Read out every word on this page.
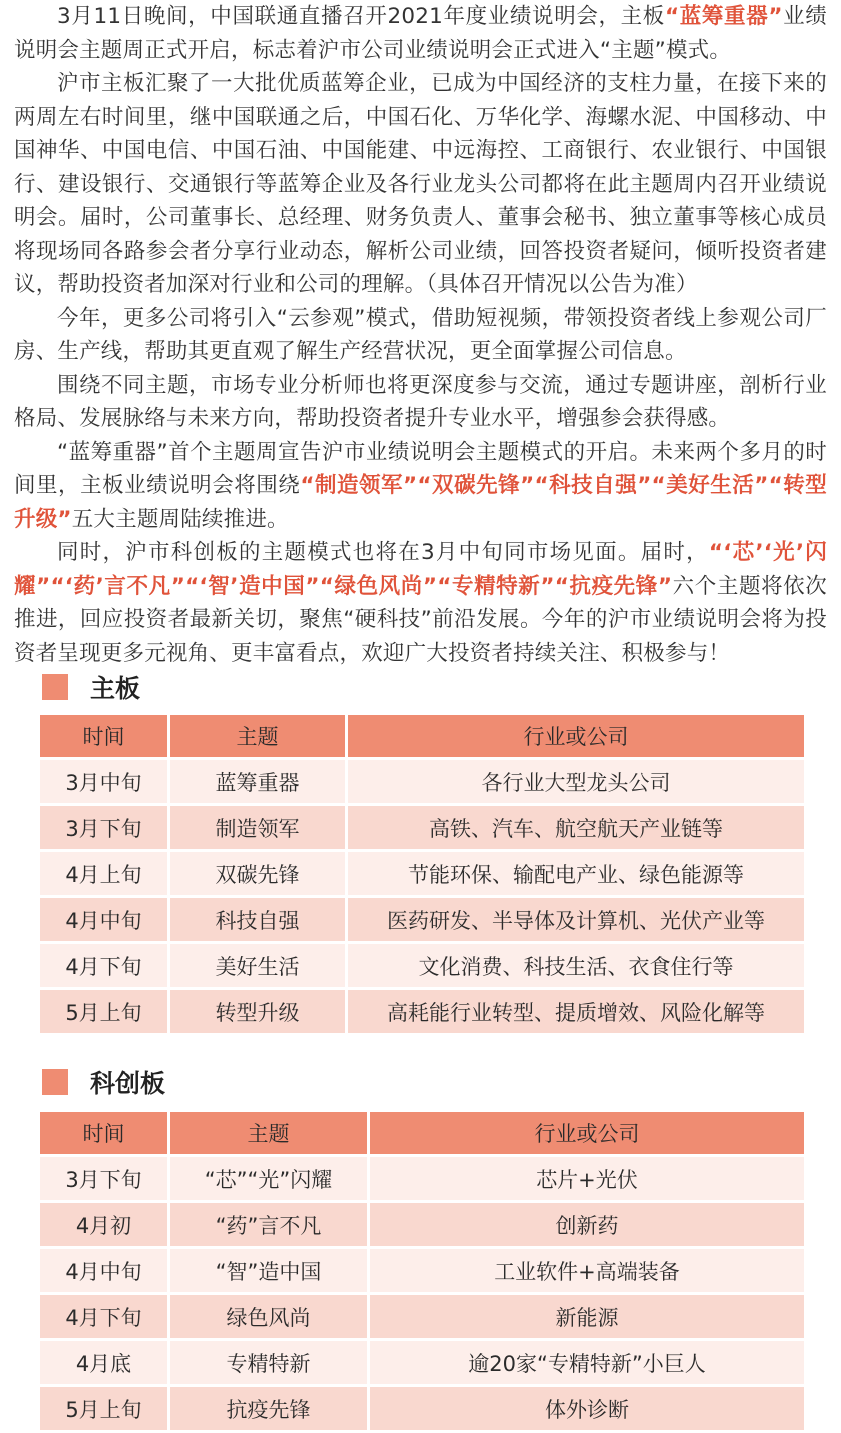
3月11日晚间，中国联通直播召开2021年度业绩说明会，主板“蓝筹重器”业绩说明会主题周正式开启，标志着沪市公司业绩说明会正式进入“主题”模式。

沪市主板汇聚了一大批优质蓝筹企业，已成为中国经济的支柱力量，在接下来的两周左右时间里，继中国联通之后，中国石化、万华化学、海螺水泥、中国移动、中国神华、中国电信、中国石油、中国能建、中远海控、工商银行、农业银行、中国银行、建设银行、交通银行等蓝筹企业及各行业龙头公司都将在此主题周内召开业绩说明会。届时，公司董事长、总经理、财务负责人、董事会秘书、独立董事等核心成员将现场同各路参会者分享行业动态，解析公司业绩，回答投资者疑问，倾听投资者建议，帮助投资者加深对行业和公司的理解。（具体召开情况以公告为准）

今年，更多公司将引入“云参观”模式，借助短视频，带领投资者线上参观公司厂房、生产线，帮助其更直观了解生产经营状况，更全面掌握公司信息。

围绕不同主题，市场专业分析师也将更深度参与交流，通过专题讲座，剖析行业格局、发展脉络与未来方向，帮助投资者提升专业水平，增强参会获得感。

“蓝筹重器”首个主题周宣告沪市业绩说明会主题模式的开启。未来两个多月的时间里，主板业绩说明会将围绕“制造领军”“双碳先锋”“科技自强”“美好生活”“转型升级”五大主题周陆续推进。

同时，沪市科创板的主题模式也将在3月中旬同市场见面。届时，“‘芯’‘光’闪耀”“‘药’言不凡”“‘智’造中国”“绿色风尚”“专精特新”“抗疫先锋”六个主题将依次推进，回应投资者最新关切，聚焦“硬科技”前沿发展。今年的沪市业绩说明会将为投资者呈现更多元视角、更丰富看点，欢迎广大投资者持续关注、积极参与！

主板
时间	主题	行业或公司
3月中旬	蓝筹重器	各行业大型龙头公司
3月下旬	制造领军	高铁、汽车、航空航天产业链等
4月上旬	双碳先锋	节能环保、输配电产业、绿色能源等
4月中旬	科技自强	医药研发、半导体及计算机、光伏产业等
4月下旬	美好生活	文化消费、科技生活、衣食住行等
5月上旬	转型升级	高耗能行业转型、提质增效、风险化解等
科创板
时间	主题	行业或公司
3月下旬	“芯”“光”闪耀	芯片+光伏
4月初	“药”言不凡	创新药
4月中旬	“智”造中国	工业软件+高端装备
4月下旬	绿色风尚	新能源
4月底	专精特新	逾20家“专精特新”小巨人
5月上旬	抗疫先锋	体外诊断
